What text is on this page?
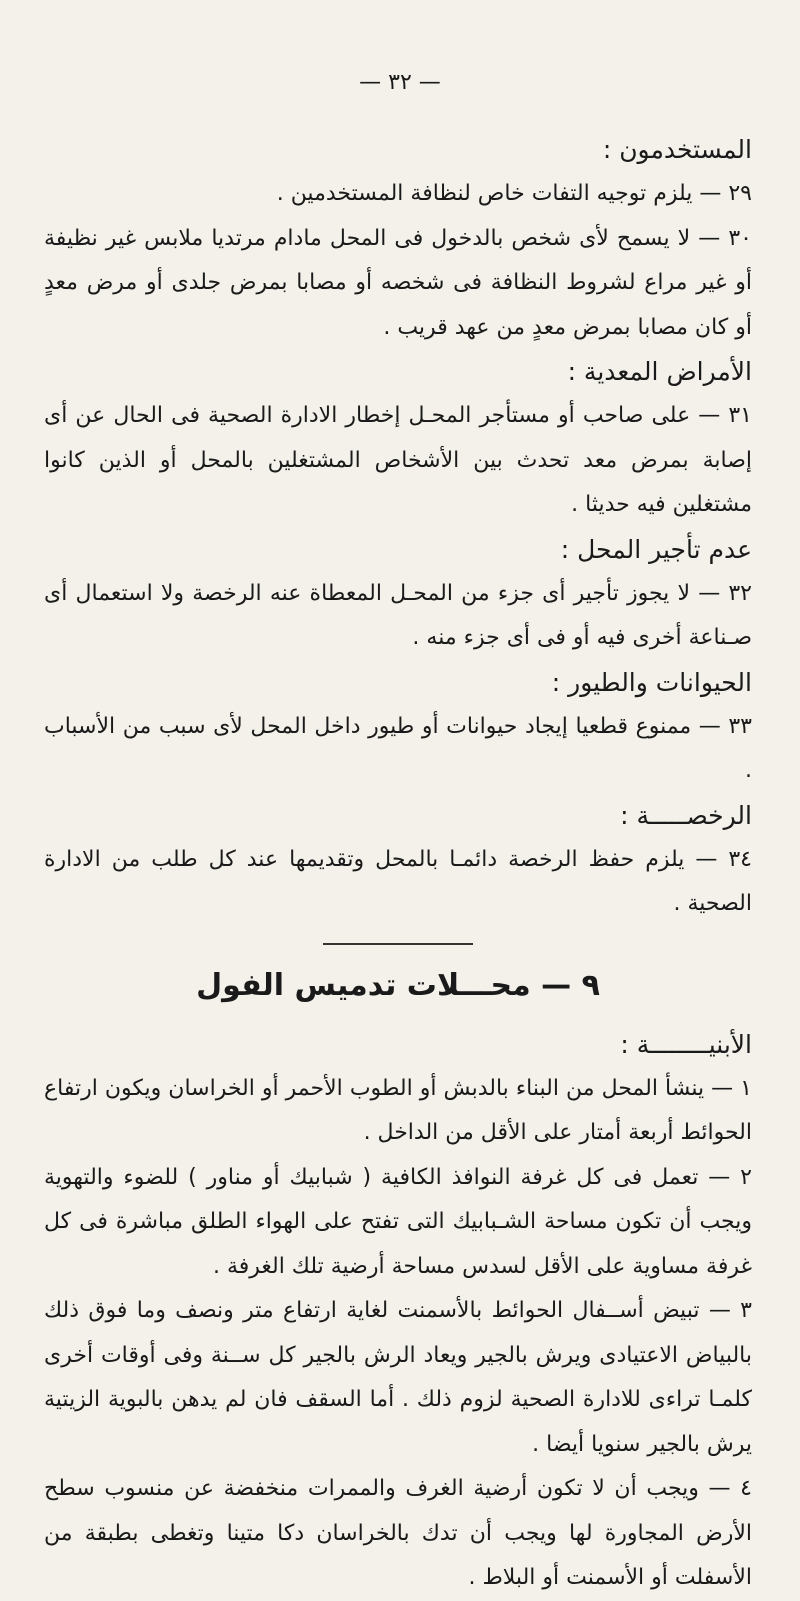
— ٣٢ —

المستخدمون :

٢٩ — يلزم توجيه التفات خاص لنظافة المستخدمين .

٣٠ — لا يسمح لأى شخص بالدخول فى المحل مادام مرتديا ملابس غير نظيفة أو غير مراع لشروط النظافة فى شخصه أو مصابا بمرض جلدى أو مرض معدٍ أو كان مصابا بمرض معدٍ من عهد قريب .

الأمراض المعدية :

٣١ — على صاحب أو مستأجر المحـل إخطار الادارة الصحية فى الحال عن أى إصابة بمرض معد تحدث بين الأشخاص المشتغلين بالمحل أو الذين كانوا مشتغلين فيه حديثا .

عدم تأجير المحل :

٣٢ — لا يجوز تأجير أى جزء من المحـل المعطاة عنه الرخصة ولا استعمال أى صـناعة أخرى فيه أو فى أى جزء منه .

الحيوانات والطيور :

٣٣ — ممنوع قطعيا إيجاد حيوانات أو طيور داخل المحل لأى سبب من الأسباب .

الرخصـــــة :

٣٤ — يلزم حفظ الرخصة دائمـا بالمحل وتقديمها عند كل طلب من الادارة الصحية .

٩ — محـــلات تدميس الفول

الأبنيــــــــة :

١ — ينشأ المحل من البناء بالدبش أو الطوب الأحمر أو الخراسان ويكون ارتفاع الحوائط أربعة أمتار على الأقل من الداخل .

٢ — تعمل فى كل غرفة النوافذ الكافية ( شبابيك أو مناور ) للضوء والتهوية ويجب أن تكون مساحة الشـبابيك التى تفتح على الهواء الطلق مباشرة فى كل غرفة مساوية على الأقل لسدس مساحة أرضية تلك الغرفة .

٣ — تبيض أســفال الحوائط بالأسمنت لغاية ارتفاع متر ونصف وما فوق ذلك بالبياض الاعتيادى ويرش بالجير ويعاد الرش بالجير كل ســنة وفى أوقات أخرى كلمـا تراءى للادارة الصحية لزوم ذلك . أما السقف فان لم يدهن بالبوية الزيتية يرش بالجير سنويا أيضا .

٤ — ويجب أن لا تكون أرضية الغرف والممرات منخفضة عن منسوب سطح الأرض المجاورة لها ويجب أن تدك بالخراسان دكا متينا وتغطى بطبقة من الأسفلت أو الأسمنت أو البلاط .
